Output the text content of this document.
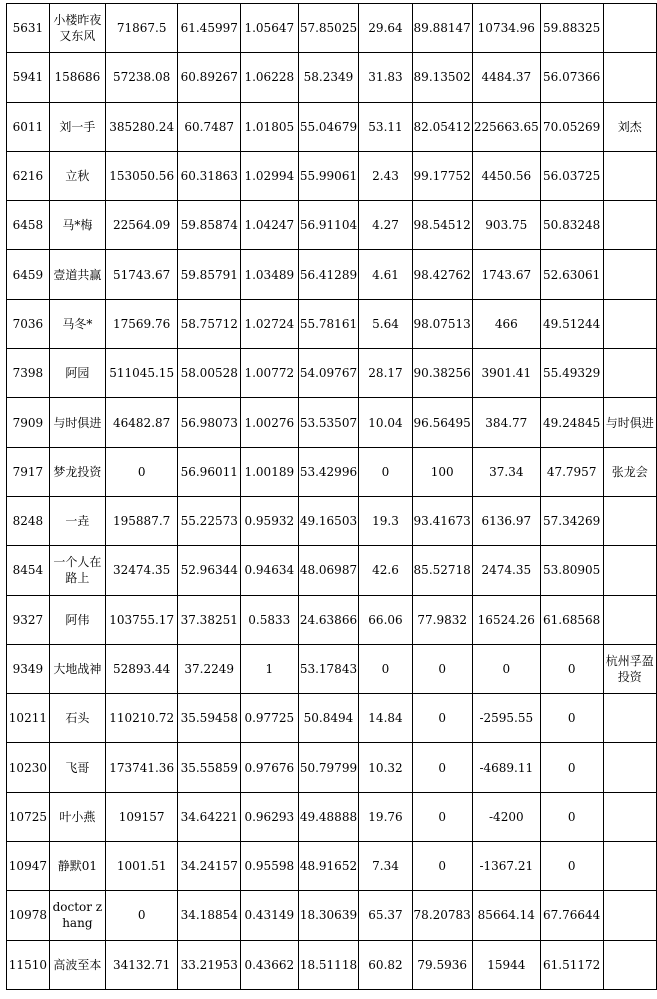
5631	小楼昨夜又东风	71867.5	61.45997	1.05647	57.85025	29.64	89.88147	10734.96	59.88325	
5941	158686	57238.08	60.89267	1.06228	58.2349	31.83	89.13502	4484.37	56.07366	
6011	刘一手	385280.24	60.7487	1.01805	55.04679	53.11	82.05412	225663.65	70.05269	刘杰
6216	立秋	153050.56	60.31863	1.02994	55.99061	2.43	99.17752	4450.56	56.03725	
6458	马*梅	22564.09	59.85874	1.04247	56.91104	4.27	98.54512	903.75	50.83248	
6459	壹道共赢	51743.67	59.85791	1.03489	56.41289	4.61	98.42762	1743.67	52.63061	
7036	马冬*	17569.76	58.75712	1.02724	55.78161	5.64	98.07513	466	49.51244	
7398	阿园	511045.15	58.00528	1.00772	54.09767	28.17	90.38256	3901.41	55.49329	
7909	与时俱进	46482.87	56.98073	1.00276	53.53507	10.04	96.56495	384.77	49.24845	与时俱进
7917	梦龙投资	0	56.96011	1.00189	53.42996	0	100	37.34	47.7957	张龙会
8248	一垚	195887.7	55.22573	0.95932	49.16503	19.3	93.41673	6136.97	57.34269	
8454	一个人在路上	32474.35	52.96344	0.94634	48.06987	42.6	85.52718	2474.35	53.80905	
9327	阿伟	103755.17	37.38251	0.5833	24.63866	66.06	77.9832	16524.26	61.68568	
9349	大地战神	52893.44	37.2249	1	53.17843	0	0	0	0	杭州孚盈投资
10211	石头	110210.72	35.59458	0.97725	50.8494	14.84	0	-2595.55	0	
10230	飞哥	173741.36	35.55859	0.97676	50.79799	10.32	0	-4689.11	0	
10725	叶小燕	109157	34.64221	0.96293	49.48888	19.76	0	-4200	0	
10947	静默01	1001.51	34.24157	0.95598	48.91652	7.34	0	-1367.21	0	
10978	doctor zhang	0	34.18854	0.43149	18.30639	65.37	78.20783	85664.14	67.76644	
11510	高波至本	34132.71	33.21953	0.43662	18.51118	60.82	79.5936	15944	61.51172	
